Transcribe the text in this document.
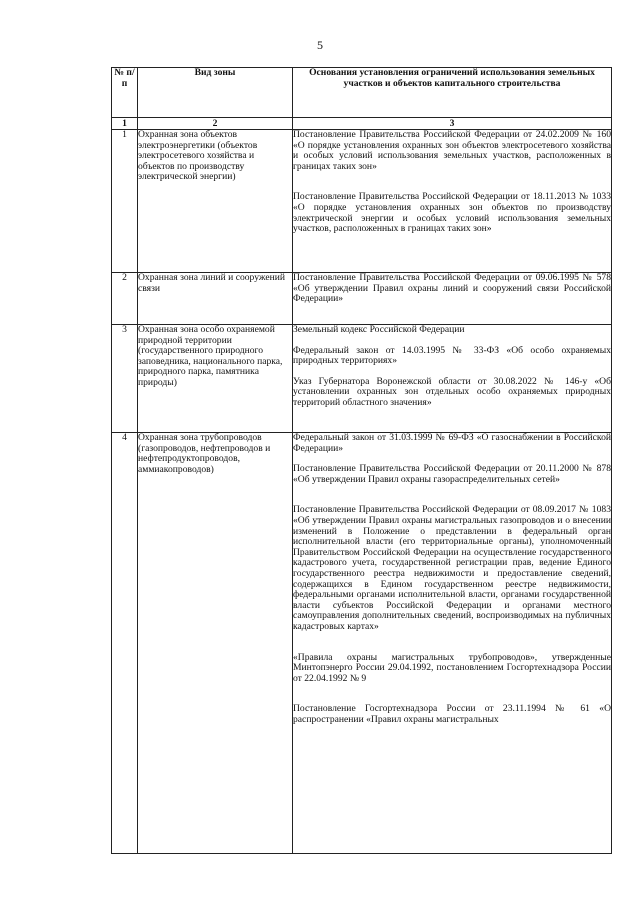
5
№ п/п	Вид зоны	Основания установления ограничений использования земельных участков и объектов капитального строительства
1	2	3
1	Охранная зона объектов электроэнергетики (объектов электросетевого хозяйства и объектов по производству электрической энергии)	Постановление Правительства Российской Федерации от 24.02.2009 № 160 «О порядке установления охранных зон объектов электросетевого хозяйства и особых условий использования земельных участков, расположенных в границах таких зон»

Постановление Правительства Российской Федерации от 18.11.2013 № 1033 «О порядке установления охранных зон объектов по производству электрической энергии и особых условий использования земельных участков, расположенных в границах таких зон»

2	Охранная зона линий и сооружений связи	Постановление Правительства Российской Федерации от 09.06.1995 № 578 «Об утверждении Правил охраны линий и сооружений связи Российской Федерации»

3	Охранная зона особо охраняемой природной территории (государственного природного заповедника, национального парка, природного парка, памятника природы)	Земельный кодекс Российской Федерации

Федеральный закон от 14.03.1995 № 33-ФЗ «Об особо охраняемых природных территориях»

Указ Губернатора Воронежской области от 30.08.2022 № 146-у «Об установлении охранных зон отдельных особо охраняемых природных территорий областного значения»

4	Охранная зона трубопроводов (газопроводов, нефтепроводов и нефтепродуктопроводов, аммиакопроводов)	Федеральный закон от 31.03.1999 № 69-ФЗ «О газоснабжении в Российской Федерации»

Постановление Правительства Российской Федерации от 20.11.2000 № 878 «Об утверждении Правил охраны газораспределительных сетей»

Постановление Правительства Российской Федерации от 08.09.2017 № 1083 «Об утверждении Правил охраны магистральных газопроводов и о внесении изменений в Положение о представлении в федеральный орган исполнительной власти (его территориальные органы), уполномоченный Правительством Российской Федерации на осуществление государственного кадастрового учета, государственной регистрации прав, ведение Единого государственного реестра недвижимости и предоставление сведений, содержащихся в Едином государственном реестре недвижимости, федеральными органами исполнительной власти, органами государственной власти субъектов Российской Федерации и органами местного самоуправления дополнительных сведений, воспроизводимых на публичных кадастровых картах»

«Правила охраны магистральных трубопроводов», утвержденные Минтопэнерго России 29.04.1992, постановлением Госгортехнадзора России от 22.04.1992 № 9

Постановление Госгортехнадзора России от 23.11.1994 № 61 «О распространении «Правил охраны магистральных
